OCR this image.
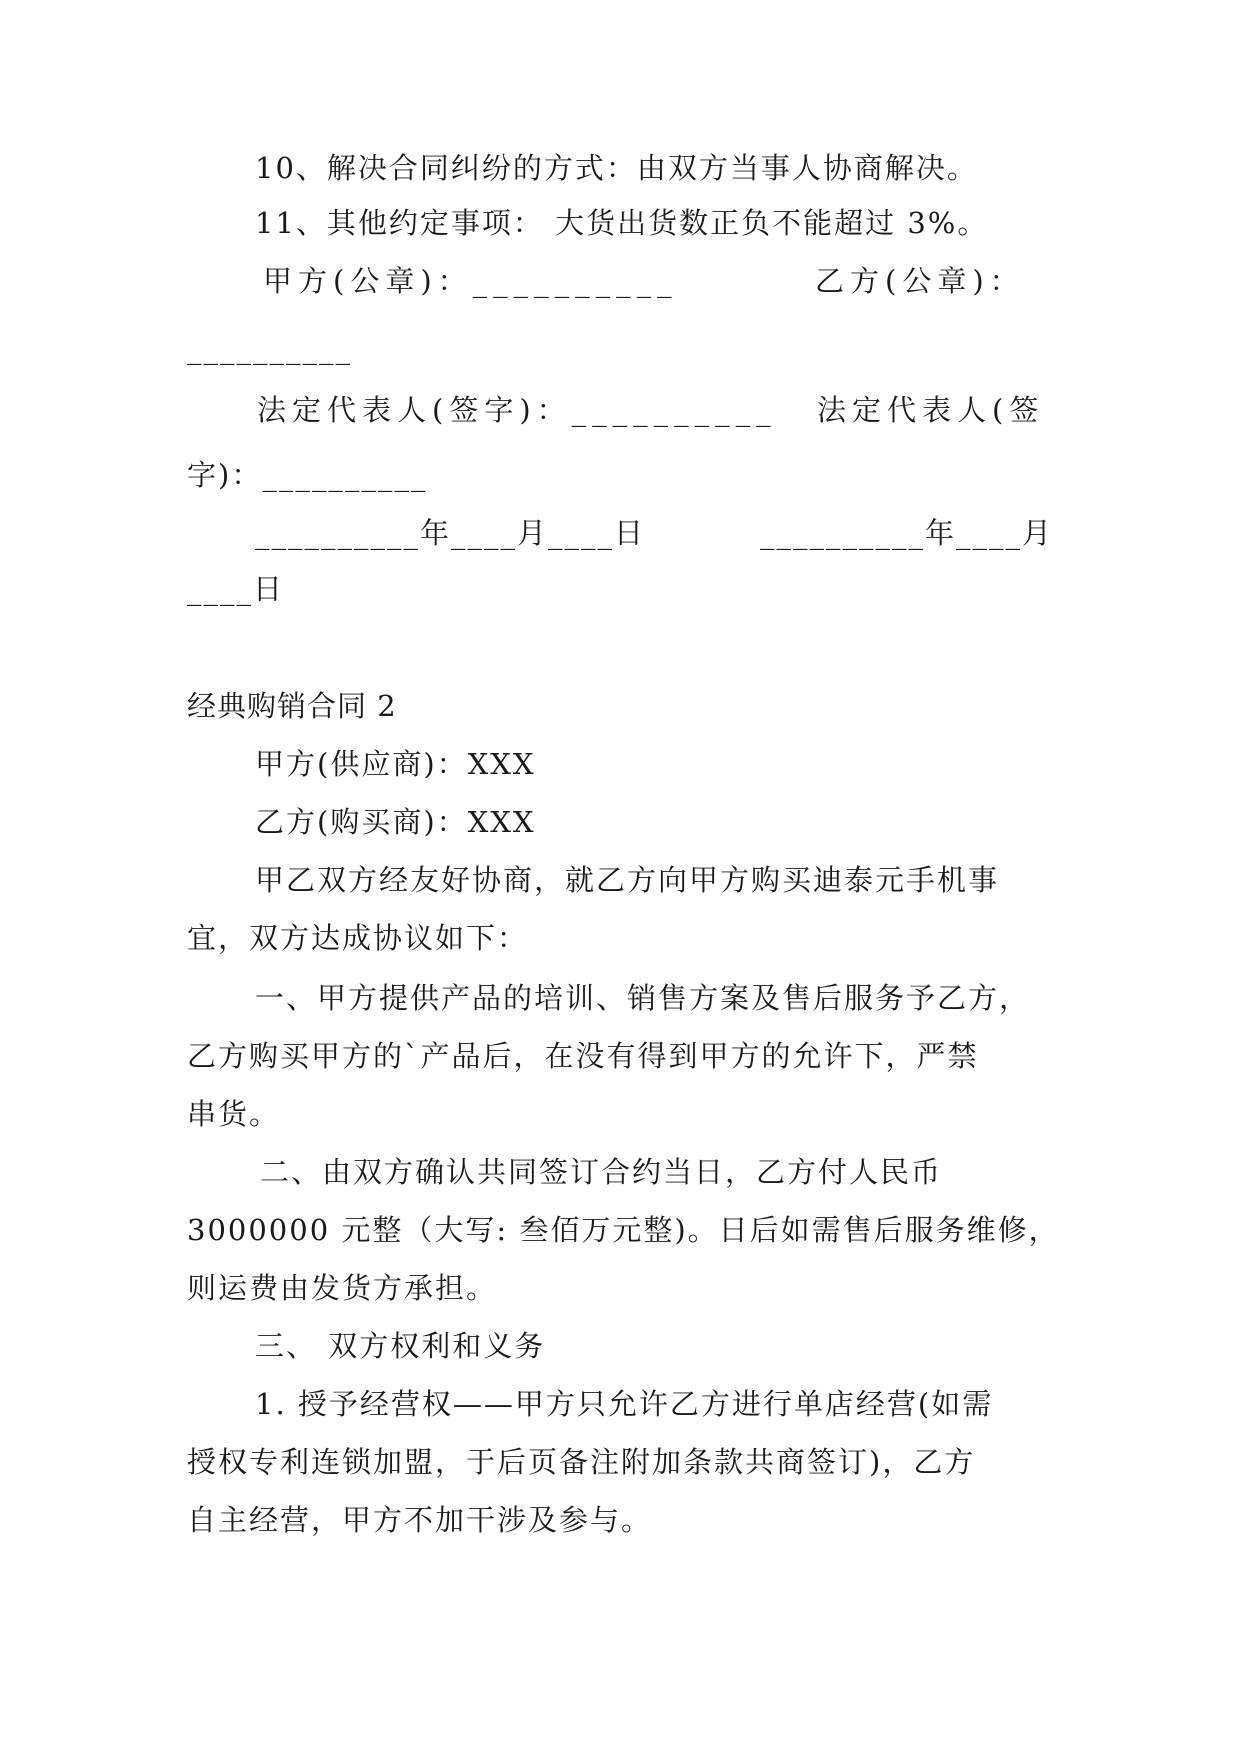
10、解决合同纠纷的方式：由双方当事人协商解决。
11、其他约定事项： 大货出货数正负不能超过 3%。
甲方(公章)：__________	乙方(公章)：
__________
法定代表人(签字)：__________ 法定代表人(签
字)：__________
__________年____月____日	__________年____月
____日
经典购销合同 2
甲方(供应商)：XXX
乙方(购买商)：XXX
甲乙双方经友好协商，就乙方向甲方购买迪泰元手机事
宜，双方达成协议如下：
一、甲方提供产品的培训、销售方案及售后服务予乙方，
乙方购买甲方的`产品后，在没有得到甲方的允许下，严禁
串货。
二、由双方确认共同签订合约当日，乙方付人民币
3000000 元整（大写: 叁佰万元整)。日后如需售后服务维修，
则运费由发货方承担。
三、 双方权利和义务
1. 授予经营权——甲方只允许乙方进行单店经营(如需
授权专利连锁加盟，于后页备注附加条款共商签订)，乙方
自主经营，甲方不加干涉及参与。
